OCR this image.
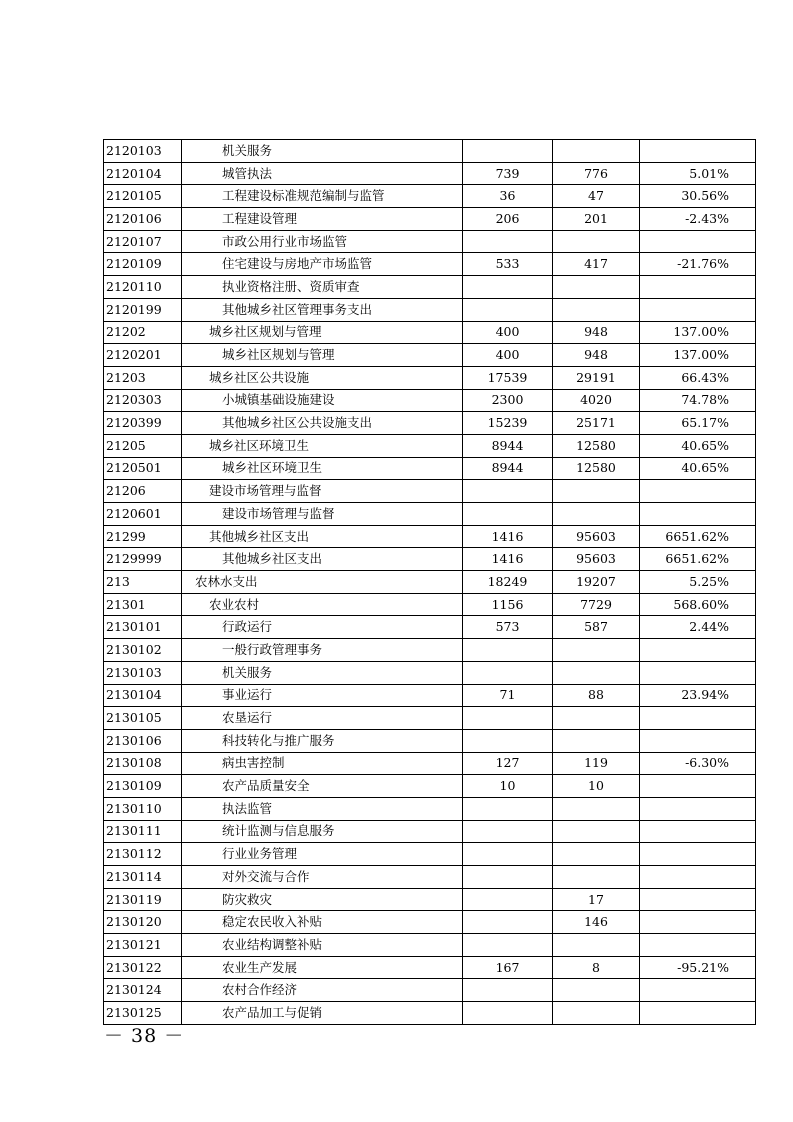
2120103	机关服务			
2120104	城管执法	739	776	5.01%
2120105	工程建设标准规范编制与监管	36	47	30.56%
2120106	工程建设管理	206	201	-2.43%
2120107	市政公用行业市场监管			
2120109	住宅建设与房地产市场监管	533	417	-21.76%
2120110	执业资格注册、资质审查			
2120199	其他城乡社区管理事务支出			
21202	城乡社区规划与管理	400	948	137.00%
2120201	城乡社区规划与管理	400	948	137.00%
21203	城乡社区公共设施	17539	29191	66.43%
2120303	小城镇基础设施建设	2300	4020	74.78%
2120399	其他城乡社区公共设施支出	15239	25171	65.17%
21205	城乡社区环境卫生	8944	12580	40.65%
2120501	城乡社区环境卫生	8944	12580	40.65%
21206	建设市场管理与监督			
2120601	建设市场管理与监督			
21299	其他城乡社区支出	1416	95603	6651.62%
2129999	其他城乡社区支出	1416	95603	6651.62%
213	农林水支出	18249	19207	5.25%
21301	农业农村	1156	7729	568.60%
2130101	行政运行	573	587	2.44%
2130102	一般行政管理事务			
2130103	机关服务			
2130104	事业运行	71	88	23.94%
2130105	农垦运行			
2130106	科技转化与推广服务			
2130108	病虫害控制	127	119	-6.30%
2130109	农产品质量安全	10	10	
2130110	执法监管			
2130111	统计监测与信息服务			
2130112	行业业务管理			
2130114	对外交流与合作			
2130119	防灾救灾		17	
2130120	稳定农民收入补贴		146	
2130121	农业结构调整补贴			
2130122	农业生产发展	167	8	-95.21%
2130124	农村合作经济			
2130125	农产品加工与促销			
－ 38 －
